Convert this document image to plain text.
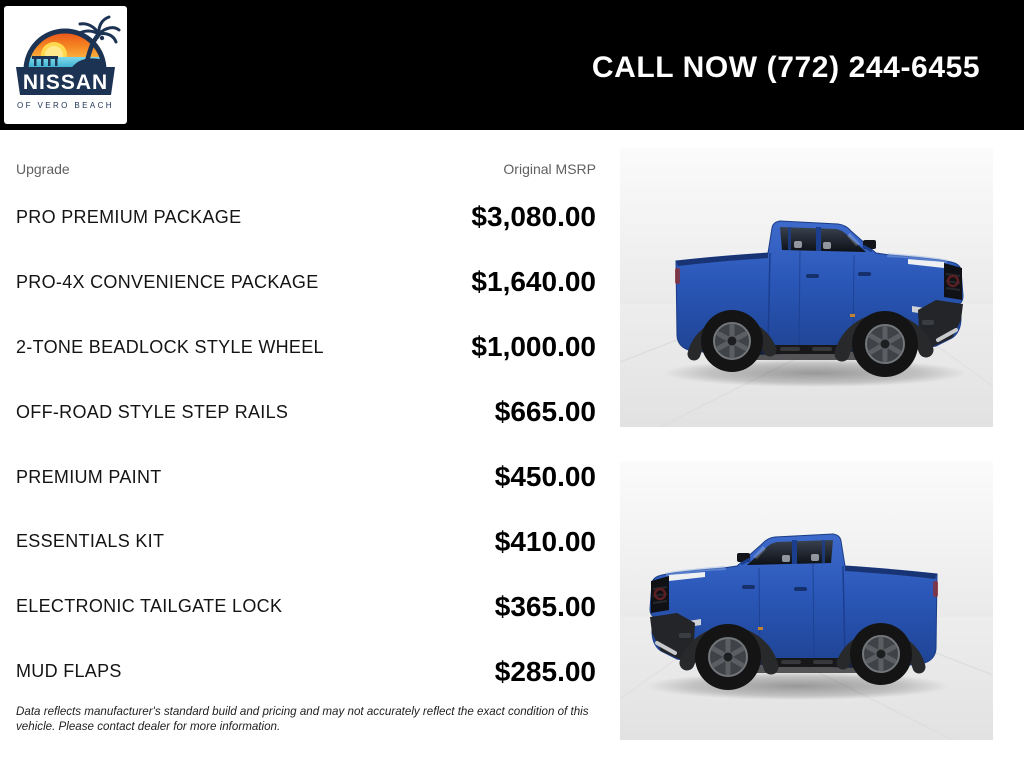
NISSAN
OF VERO BEACH
CALL NOW (772) 244-6455
Upgrade	Original MSRP
PRO PREMIUM PACKAGE	$3,080.00
PRO-4X CONVENIENCE PACKAGE	$1,640.00
2-TONE BEADLOCK STYLE WHEEL	$1,000.00
OFF-ROAD STYLE STEP RAILS	$665.00
PREMIUM PAINT	$450.00
ESSENTIALS KIT	$410.00
ELECTRONIC TAILGATE LOCK	$365.00
MUD FLAPS	$285.00
Data reflects manufacturer's standard build and pricing and may not accurately reflect the exact condition of this vehicle. Please contact dealer for more information.
